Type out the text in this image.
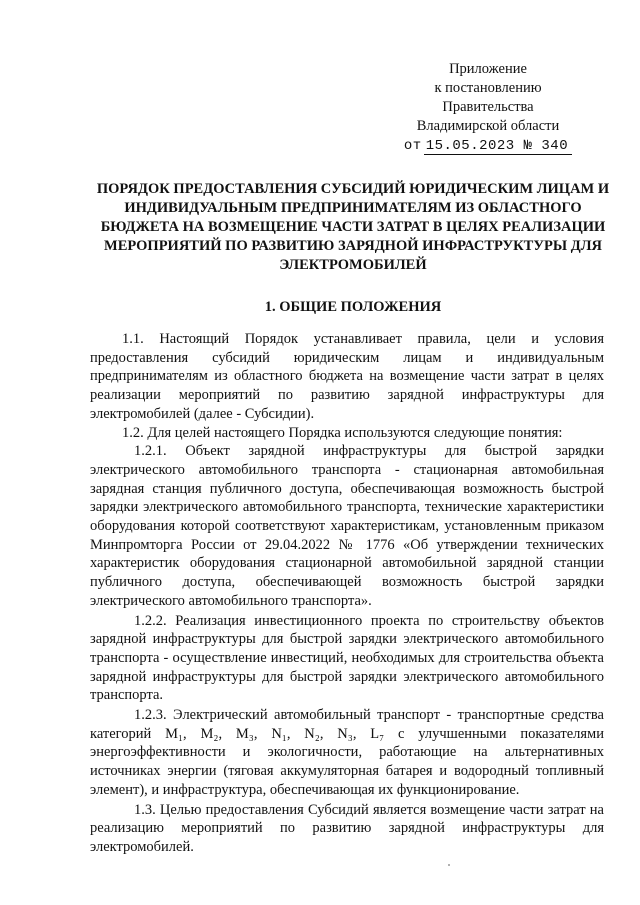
Приложение
к постановлению
Правительства
Владимирской области
от 15.05.2023 № 340
ПОРЯДОК ПРЕДОСТАВЛЕНИЯ СУБСИДИЙ ЮРИДИЧЕСКИМ ЛИЦАМ И ИНДИВИДУАЛЬНЫМ ПРЕДПРИНИМАТЕЛЯМ ИЗ ОБЛАСТНОГО БЮДЖЕТА НА ВОЗМЕЩЕНИЕ ЧАСТИ ЗАТРАТ В ЦЕЛЯХ РЕАЛИЗАЦИИ МЕРОПРИЯТИЙ ПО РАЗВИТИЮ ЗАРЯДНОЙ ИНФРАСТРУКТУРЫ ДЛЯ ЭЛЕКТРОМОБИЛЕЙ
1. ОБЩИЕ ПОЛОЖЕНИЯ

1.1. Настоящий Порядок устанавливает правила, цели и условия предоставления субсидий юридическим лицам и индивидуальным предпринимателям из областного бюджета на возмещение части затрат в целях реализации мероприятий по развитию зарядной инфраструктуры для электромобилей (далее - Субсидии).

1.2. Для целей настоящего Порядка используются следующие понятия:

1.2.1. Объект зарядной инфраструктуры для быстрой зарядки электрического автомобильного транспорта - стационарная автомобильная зарядная станция публичного доступа, обеспечивающая возможность быстрой зарядки электрического автомобильного транспорта, технические характеристики оборудования которой соответствуют характеристикам, установленным приказом Минпромторга России от 29.04.2022 № 1776 «Об утверждении технических характеристик оборудования стационарной автомобильной зарядной станции публичного доступа, обеспечивающей возможность быстрой зарядки электрического автомобильного транспорта».

1.2.2. Реализация инвестиционного проекта по строительству объектов зарядной инфраструктуры для быстрой зарядки электрического автомобильного транспорта - осуществление инвестиций, необходимых для строительства объекта зарядной инфраструктуры для быстрой зарядки электрического автомобильного транспорта.

1.2.3. Электрический автомобильный транспорт - транспортные средства категорий M₁, M₂, M₃, N₁, N₂, N₃, L₇ с улучшенными показателями энергоэффективности и экологичности, работающие на альтернативных источниках энергии (тяговая аккумуляторная батарея и водородный топливный элемент), и инфраструктура, обеспечивающая их функционирование.

1.3. Целью предоставления Субсидий является возмещение части затрат на реализацию мероприятий по развитию зарядной инфраструктуры для электромобилей.
